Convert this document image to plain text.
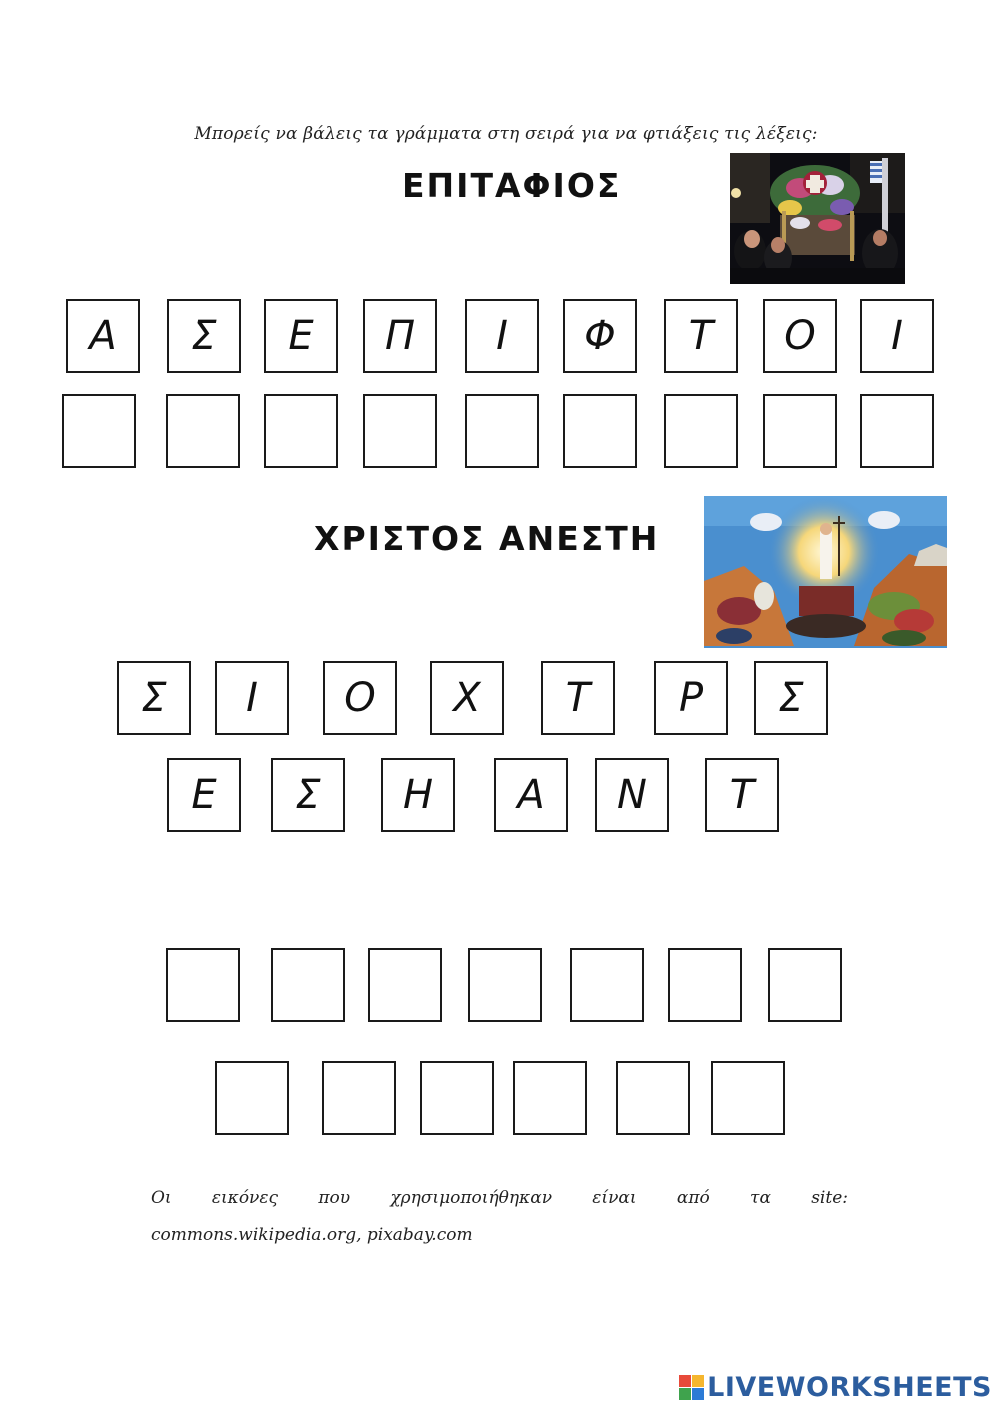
Μπορείς να βάλεις τα γράμματα στη σειρά για να φτιάξεις τις λέξεις:
ΕΠΙΤΑΦΙΟΣ
Α	Σ	Ε	Π	Ι	Φ	Τ	Ο	Ι
ΧΡΙΣΤΟΣ ΑΝΕΣΤΗ
Σ	Ι	Ο	Χ	Τ	Ρ	Σ
Ε	Σ	Η	Α	Ν	Τ
Οι εικόνες που χρησιμοποιήθηκαν είναι από τα site:
commons.wikipedia.org, pixabay.com
LIVEWORKSHEETS
